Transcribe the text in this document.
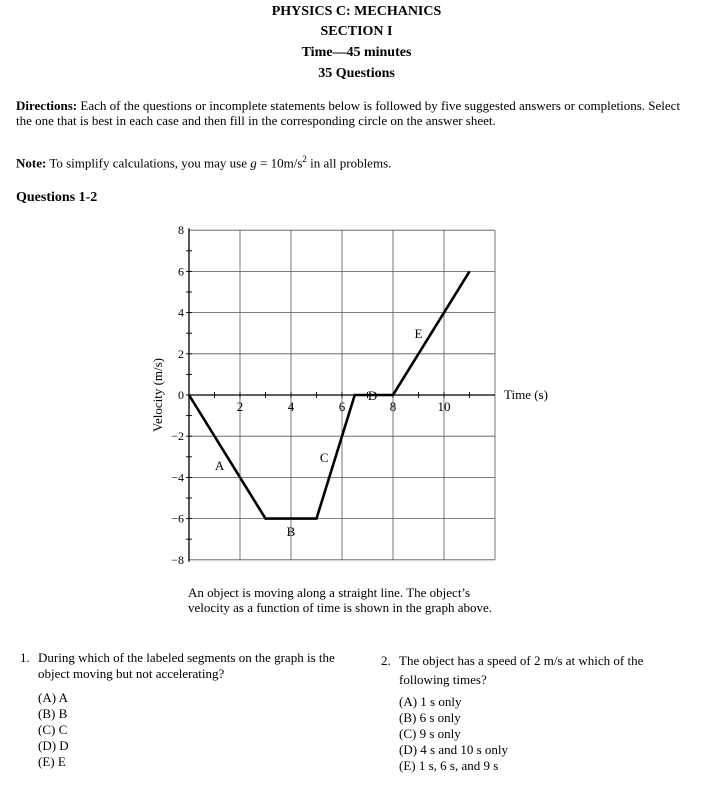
PHYSICS C: MECHANICS
SECTION I
Time—45 minutes
35 Questions
Directions: Each of the questions or incomplete statements below is followed by five suggested answers or completions. Select the one that is best in each case and then fill in the corresponding circle on the answer sheet.
Note: To simplify calculations, you may use $g = 10m/s^2$ in all problems.
Questions 1-2
2	4	6	8	10
8
6
4
2
0
−2
−4
−6
−8
Velocity (m/s)	Time (s)
A
B
C
D
E
An object is moving along a straight line. The object’s velocity as a function of time is shown in the graph above.
1. During which of the labeled segments on the graph is the object moving but not accelerating?
(A) A
(B) B
(C) C
(D) D
(E) E
2. The object has a speed of 2 m/s at which of the following times?
(A) 1 s only
(B) 6 s only
(C) 9 s only
(D) 4 s and 10 s only
(E) 1 s, 6 s, and 9 s
